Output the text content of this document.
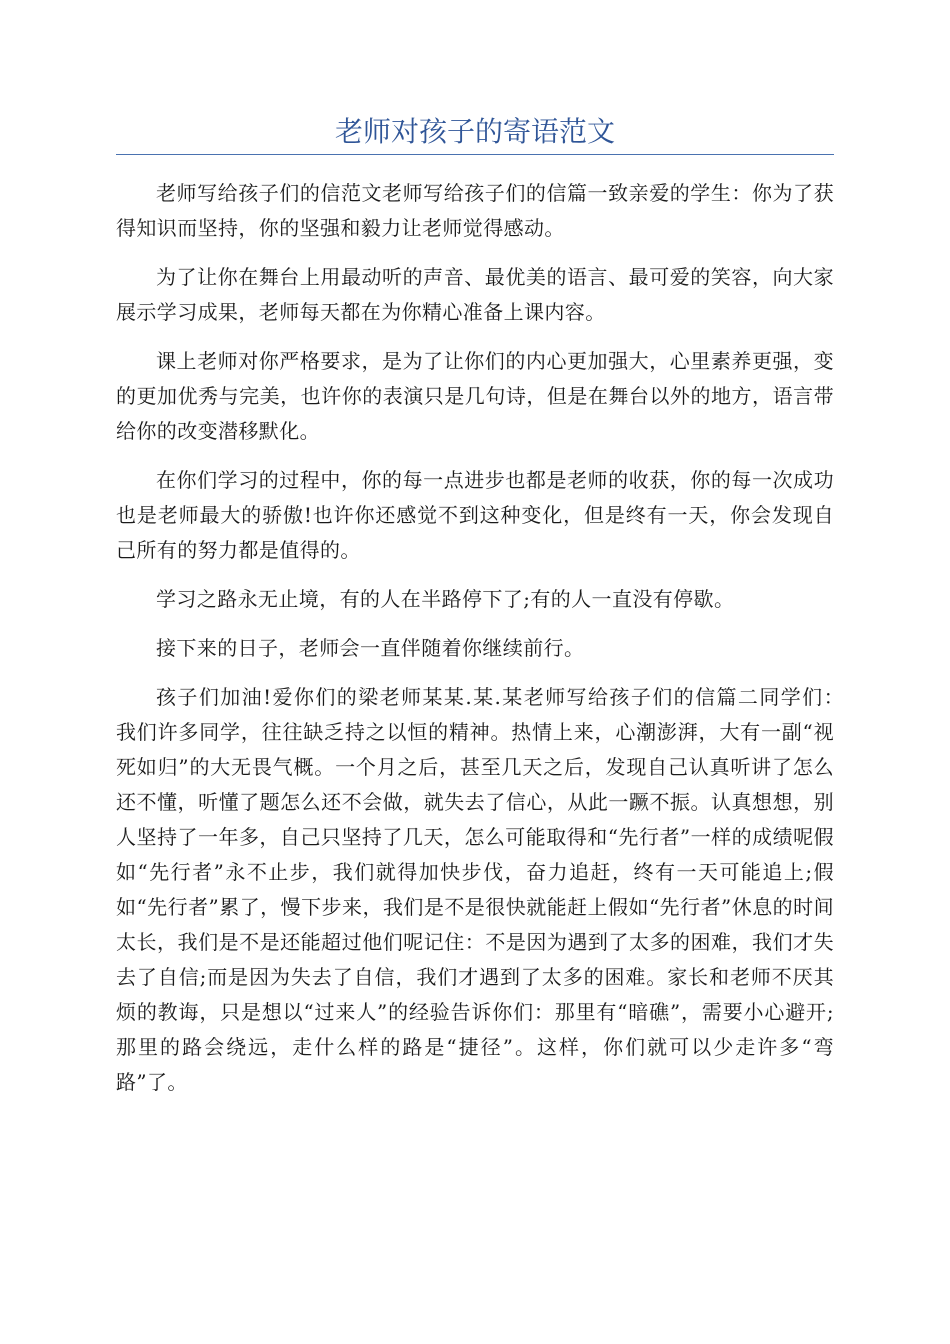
老师对孩子的寄语范文

老师写给孩子们的信范文老师写给孩子们的信篇一致亲爱的学生：你为了获得知识而坚持，你的坚强和毅力让老师觉得感动。

为了让你在舞台上用最动听的声音、最优美的语言、最可爱的笑容，向大家展示学习成果，老师每天都在为你精心准备上课内容。

课上老师对你严格要求，是为了让你们的内心更加强大，心里素养更强，变的更加优秀与完美，也许你的表演只是几句诗，但是在舞台以外的地方，语言带给你的改变潜移默化。

在你们学习的过程中，你的每一点进步也都是老师的收获，你的每一次成功也是老师最大的骄傲!也许你还感觉不到这种变化，但是终有一天，你会发现自己所有的努力都是值得的。

学习之路永无止境，有的人在半路停下了;有的人一直没有停歇。

接下来的日子，老师会一直伴随着你继续前行。

孩子们加油!爱你们的梁老师某某.某.某老师写给孩子们的信篇二同学们：　我们许多同学，往往缺乏持之以恒的精神。热情上来，心潮澎湃，大有一副“视死如归”的大无畏气概。一个月之后，甚至几天之后，发现自己认真听讲了怎么还不懂，听懂了题怎么还不会做，就失去了信心，从此一蹶不振。认真想想，别人坚持了一年多，自己只坚持了几天，怎么可能取得和“先行者”一样的成绩呢假如“先行者”永不止步，我们就得加快步伐，奋力追赶，终有一天可能追上;假如“先行者”累了，慢下步来，我们是不是很快就能赶上假如“先行者”休息的时间太长，我们是不是还能超过他们呢记住：不是因为遇到了太多的困难，我们才失去了自信;而是因为失去了自信，我们才遇到了太多的困难。家长和老师不厌其烦的教诲，只是想以“过来人”的经验告诉你们：那里有“暗礁”，需要小心避开;那里的路会绕远，走什么样的路是“捷径”。这样，你们就可以少走许多“弯路”了。
